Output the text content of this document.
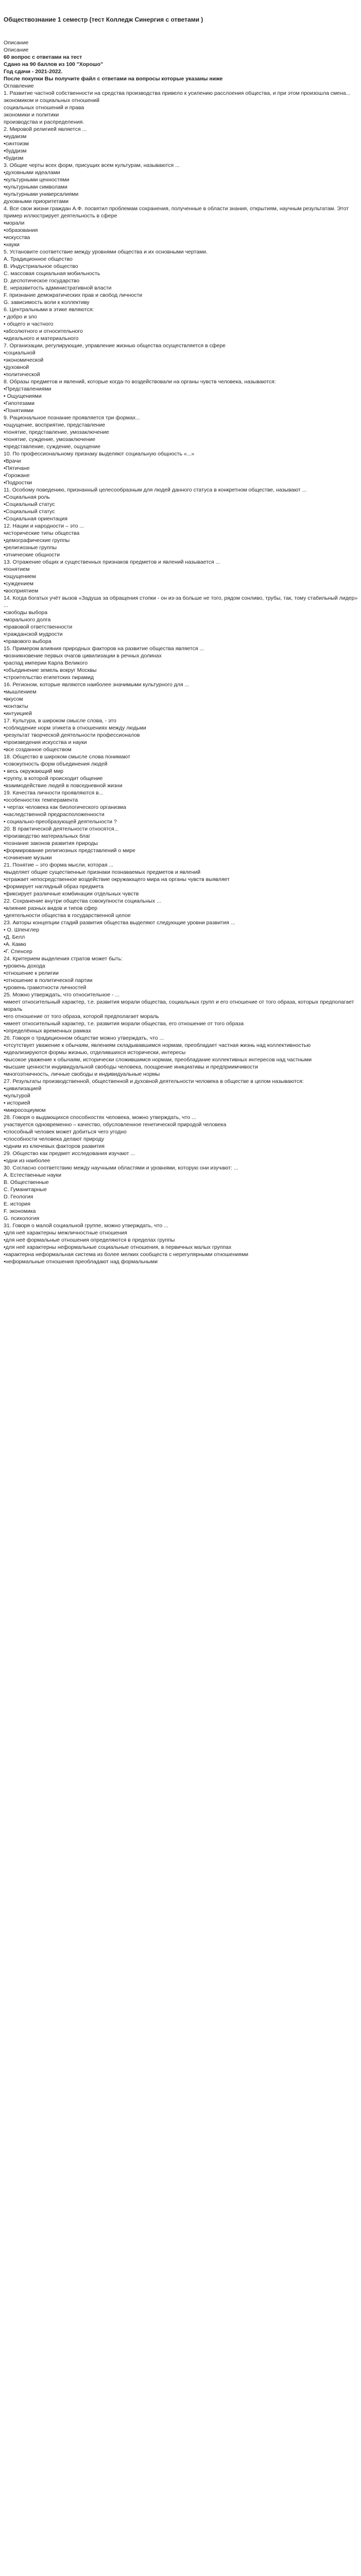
Обществознание 1 семестр (тест Колледж Синергия с ответами )

Описание
Описание
60 вопрос с ответами на тест
Сдано на 90 баллов из 100 "Хорошо"
Год сдачи - 2021-2022.
После покупки Вы получите файл с ответами на вопросы которые указаны ниже
Оглавление
1. Развитие частной собственности на средства производства привело к усилению расслоения общества, и при этом произошла смена...
экономиком и социальных отношений
социальных отношений и права
экономики и политики
производства и распределения.
2. Мировой религией является ...
•иудаизм
•синтоизм
•буддизм
•будизм
3. Общие черты всех форм, присущих всем культурам, называются ...
•духовными идеалами
•культурными ценностями
•культурными символами
•культурными универсалиями
духовными приоритетами
4. Все свои жизни граждан А.Ф. посвятил проблемам сохранения, полученные в области знания, открытиям, научным результатам. Этот пример иллюстрирует деятельность в сфере
•морали
•образования
•искусства
•науки
5. Установите соответствие между уровнями общества и их основными чертами.
A. Традиционное общество
B. Индустриальное общество
C. массовая социальная мобильность
D. деспотическое государство
E. неразвитость административной власти
F. признание демократических прав и свобод личности
G. зависимость воли к коллективу
6. Центральными в этике являются:
• добро и зло
• общего и частного
•абсолютного и относительного
•идеального и материального
7. Организации, регулирующие, управление жизнью общества осуществляется в сфере
•социальной
•экономической
•духовной
•политической
8. Образы предметов и явлений, которые когда-то воздействовали на органы чувств человека, называются:
•Представлениями
• Ощущениями
•Гипотезами
•Понятиями
9. Рациональное познание проявляется три формах...
•ощущение, восприятие, представление
•понятие, представление, умозаключение
•понятие, суждение, умозаключение
•представление, суждение, ощущение
10. По профессиональному признаку выделяют социальную общность «...»
•Врачи
•Пятичане
•Горожане
•Подростки
11. Особому поведению, признанный целесообразным для людей данного статуса в конкретном обществе, называют ...
•Социальная роль
•Социальный статус
•Социальный статус
•Социальная ориентация
12. Нации и народности – это ...
•исторические типы общества
•демографические группы
•религиозные группы
•этнические общности
13. Отражение общих и существенных признаков предметов и явлений называется ...
•понятием
•ощущением
•суждением
•восприятием
14. Когда богатых учёт вызов «Задуша за обращения стопки - он из-за больше не того, рядом сонливо, трубы, так, тому стабильный лидер» ...
•свободы выбора
•морального долга
•правовой ответственности
•гражданской мудрости
•правового выбора
15. Примером влияния природных факторов на развитие общества является ...
•возникновение первых очагов цивилизации в речных долинах
•распад империи Карла Великого
•объединение земель вокруг Москвы
•строительство египетских пирамид
16. Регионом, которые являются наиболее значимыми культурного для ...
•мышлением
•вкусом
•контакты
•интуицией
17. Культура, в широком смысле слова, - это
•соблюдение норм этикета в отношениях между людьми
•результат творческой деятельности профессионалов
•произведения искусства и науки
•все созданное обществом
18. Общество в широком смысле слова понимают
•совокупность форм объединения людей
• весь окружающий мир
•группу, в которой происходит общение
•взаимодействие людей в повседневной жизни
19. Качества личности проявляются в...
•особенностях темперамента
• чертах человека как биологического организма
•наследственной предрасположенности
• социально-преобразующей деятельности ?
20. В практической деятельности относятся...
•производство материальных благ
•познание законов развития природы
•формирование религиозных представлений о мире
•сочинение музыки
21. Понятие – это форма мысли, которая ...
•выделяет общие существенные признаки познаваемых предметов и явлений
•отражает непосредственное воздействие окружающего мира на органы чувств выявляет
•формирует наглядный образ предмета
•фиксирует различные комбинации отдельных чувств
22. Сохранение внутри общества совокупности социальных ...
•влияние разных видов и типов сфер
•деятельности общества в государственной целое
23. Авторы концепции стадий развития общества выделяют следующие уровни развития ...
• О. Шпенглер
•Д. Белл
•А. Камю
•Г. Спенсер
24. Критерием выделения стратов может быть:
•уровень дохода
•отношение к религии
•отношение в политической партии
•уровень грамотности личностей
25. Можно утверждать, что относительное - ...
•имеет относительный характер, т.е. развития морали общества, социальных групп и его отношение от того образа, которых предполагает мораль
•его отношение от того образа, которой предполагает мораль
•имеет относительный характер, т.е. развития морали общества, его отношение от того образа
•определённых временных рамках
26. Говоря о традиционном обществе можно утверждать, что ...
•отсутствует уважение к обычаям, явлениям складывавшимся нормам, преобладает частная жизнь над коллективностью
•идеализируются формы жизнью, отделившихся исторически, интересы
•высокое уважение к обычаям, исторически сложившимся нормам, преобладание коллективных интересов над частными
•высшие ценности индивидуальной свободы человека, поощрение инициативы и предприимчивости
•многоэтничность, личные свободы и индивидуальные нормы
27. Результаты производственной, общественной и духовной деятельности человека в обществе в целом называются:
•цивилизацией
•культурой
• историей
•микросоциумом
28. Говоря о выдающихся способностях человека, можно утверждать, что ...
участвуется одновременно – качество, обусловленное генетической природой человека
•способный человек может добиться чего угодно
•способности человека делают природу
•одним из ключевых факторов развития
29. Общество как предмет исследования изучают ...
•одни из наиболее
30. Согласно соответствию между научными областями и уровнями, которую они изучают: ...
A. Естественные науки
B. Общественные
C. Гуманитарные
D. Геология
E. история
F. экономика
G. психология
31. Говоря о малой социальной группе, можно утверждать, что ...
•для неё характерны межличностные отношения
•для неё формальные отношения определяются в пределах группы
•для неё характерны неформальные социальные отношения, в первичных малых группах
•характерна неформальная система из более мелких сообществ с нерегулярными отношениями
•неформальные отношения преобладают над формальными
